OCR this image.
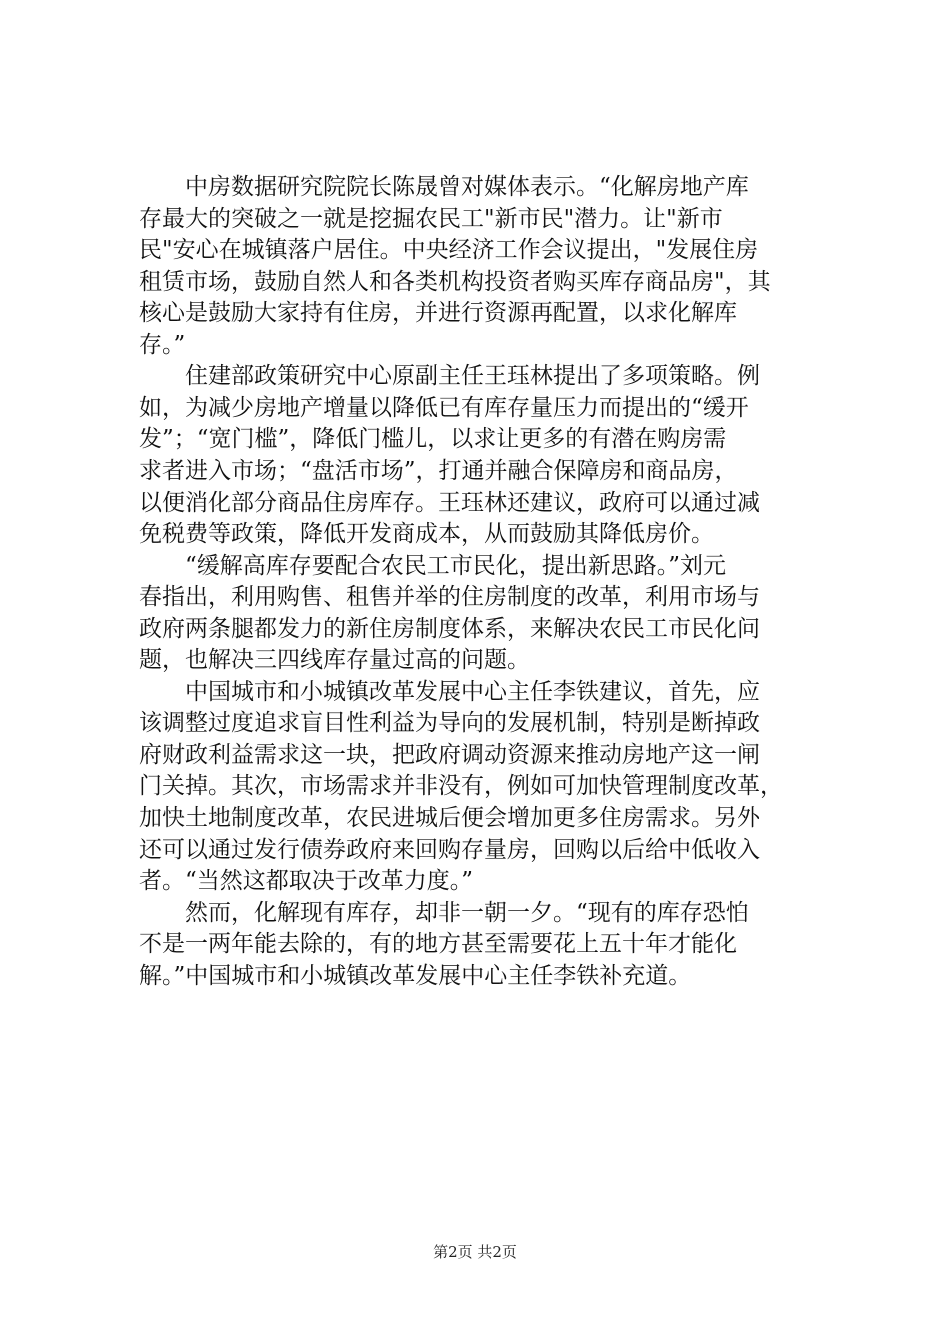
中房数据研究院院长陈晟曾对媒体表示。“化解房地产库
存最大的突破之一就是挖掘农民工"新市民"潜力。让"新市
民"安心在城镇落户居住。中央经济工作会议提出，"发展住房
租赁市场，鼓励自然人和各类机构投资者购买库存商品房"，其
核心是鼓励大家持有住房，并进行资源再配置，以求化解库
存。”
住建部政策研究中心原副主任王珏林提出了多项策略。例
如，为减少房地产增量以降低已有库存量压力而提出的“缓开
发”；“宽门槛”，降低门槛儿，以求让更多的有潜在购房需
求者进入市场；“盘活市场”，打通并融合保障房和商品房，
以便消化部分商品住房库存。王珏林还建议，政府可以通过减
免税费等政策，降低开发商成本，从而鼓励其降低房价。
“缓解高库存要配合农民工市民化，提出新思路。”刘元
春指出，利用购售、租售并举的住房制度的改革，利用市场与
政府两条腿都发力的新住房制度体系，来解决农民工市民化问
题，也解决三四线库存量过高的问题。
中国城市和小城镇改革发展中心主任李铁建议，首先，应
该调整过度追求盲目性利益为导向的发展机制，特别是断掉政
府财政利益需求这一块，把政府调动资源来推动房地产这一闸
门关掉。其次，市场需求并非没有，例如可加快管理制度改革，
加快土地制度改革，农民进城后便会增加更多住房需求。另外
还可以通过发行债券政府来回购存量房，回购以后给中低收入
者。“当然这都取决于改革力度。”
然而，化解现有库存，却非一朝一夕。“现有的库存恐怕
不是一两年能去除的，有的地方甚至需要花上五十年才能化
解。”中国城市和小城镇改革发展中心主任李铁补充道。
第2页 共2页
